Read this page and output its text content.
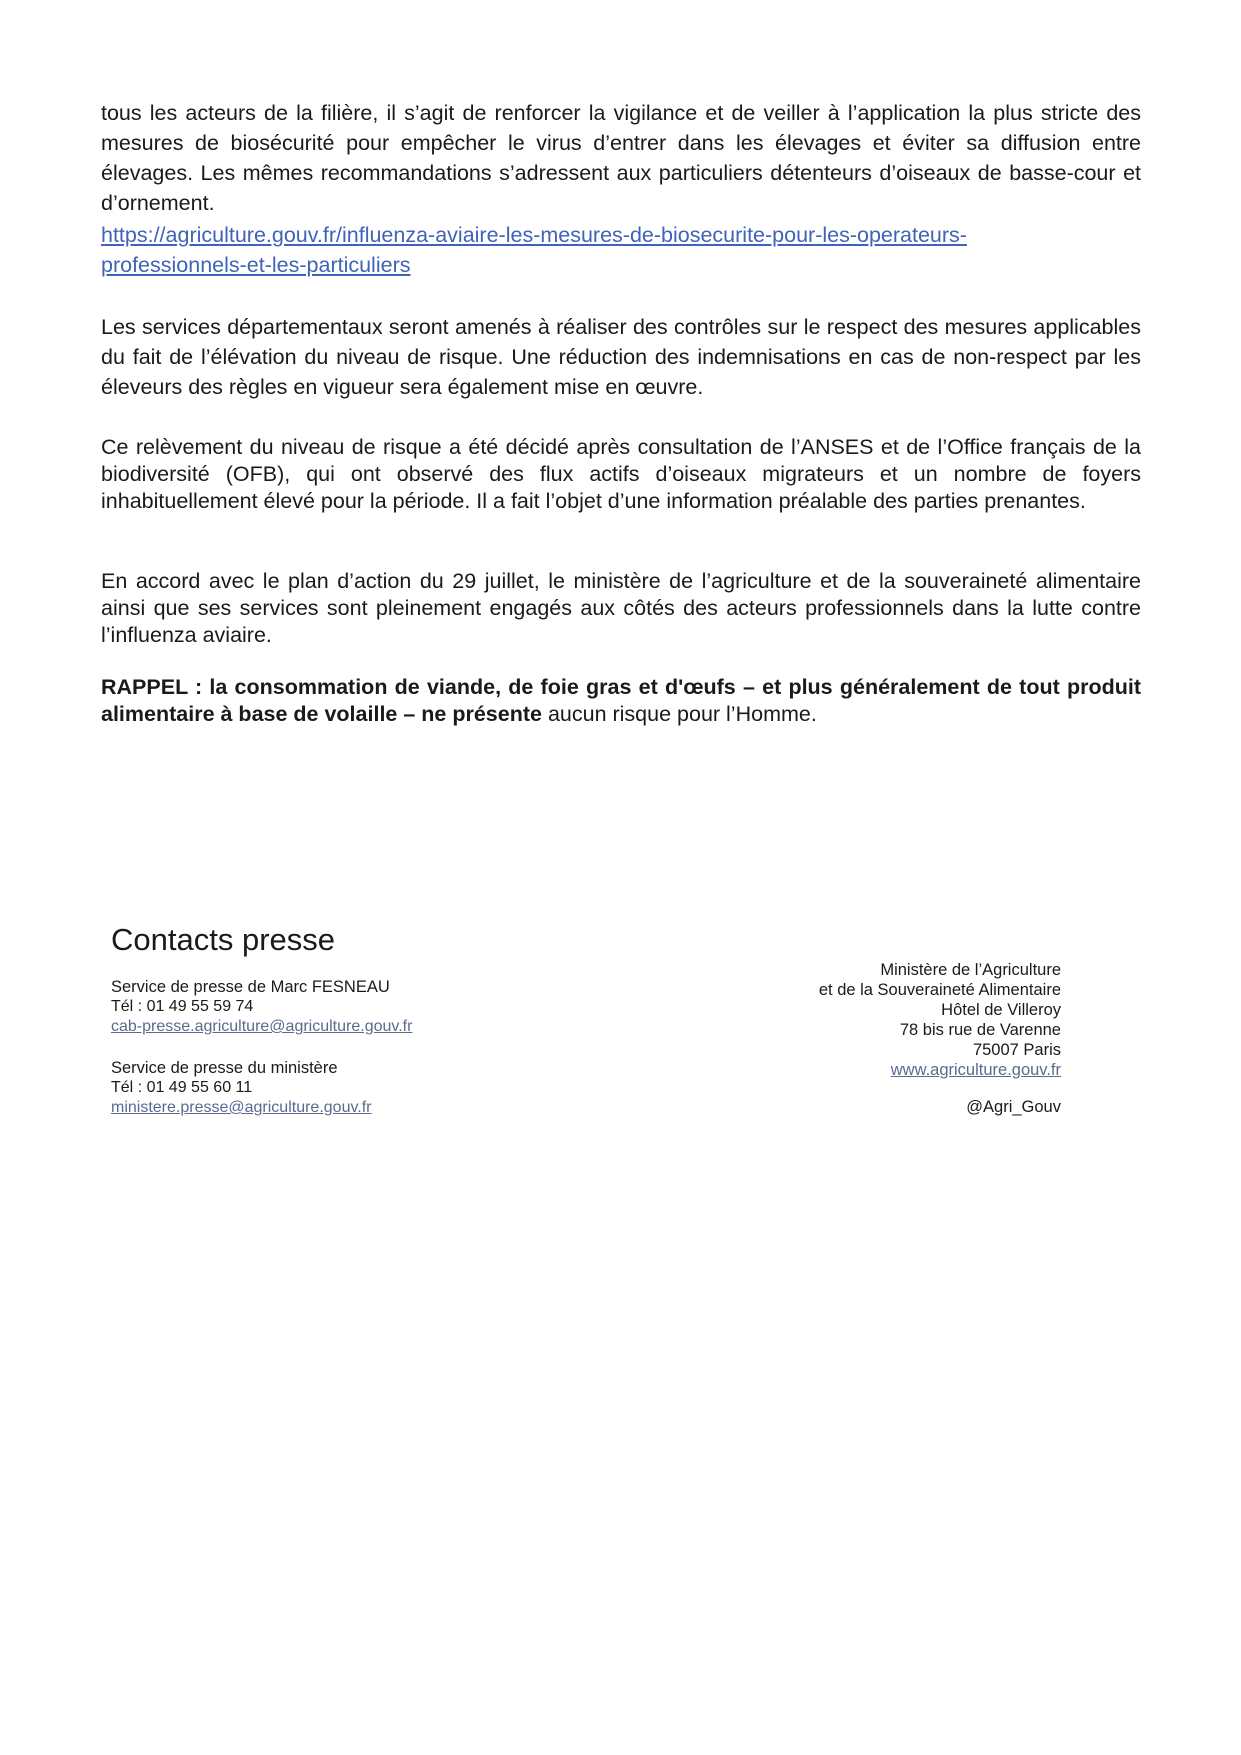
tous les acteurs de la filière, il s’agit de renforcer la vigilance et de veiller à l’application la plus stricte des mesures de biosécurité pour empêcher le virus d’entrer dans les élevages et éviter sa diffusion entre élevages. Les mêmes recommandations s’adressent aux particuliers détenteurs d’oiseaux de basse-cour et d’ornement.

https://agriculture.gouv.fr/influenza-aviaire-les-mesures-de-biosecurite-pour-les-operateurs-
professionnels-et-les-particuliers

Les services départementaux seront amenés à réaliser des contrôles sur le respect des mesures applicables du fait de l’élévation du niveau de risque. Une réduction des indemnisations en cas de non-respect par les éleveurs des règles en vigueur sera également mise en œuvre.

Ce relèvement du niveau de risque a été décidé après consultation de l’ANSES et de l’Office français de la biodiversité (OFB), qui ont observé des flux actifs d’oiseaux migrateurs et un nombre de foyers inhabituellement élevé pour la période. Il a fait l’objet d’une information préalable des parties prenantes.

En accord avec le plan d’action du 29 juillet, le ministère de l’agriculture et de la souveraineté alimentaire ainsi que ses services sont pleinement engagés aux côtés des acteurs professionnels dans la lutte contre l’influenza aviaire.

RAPPEL : la consommation de viande, de foie gras et d'œufs – et plus généralement de tout produit alimentaire à base de volaille – ne présente aucun risque pour l’Homme.

Contacts presse
Service de presse de Marc FESNEAU
Tél : 01 49 55 59 74
cab-presse.agriculture@agriculture.gouv.fr
Service de presse du ministère
Tél : 01 49 55 60 11
ministere.presse@agriculture.gouv.fr
Ministère de l’Agriculture
et de la Souveraineté Alimentaire
Hôtel de Villeroy
78 bis rue de Varenne
75007 Paris
www.agriculture.gouv.fr
@Agri_Gouv
